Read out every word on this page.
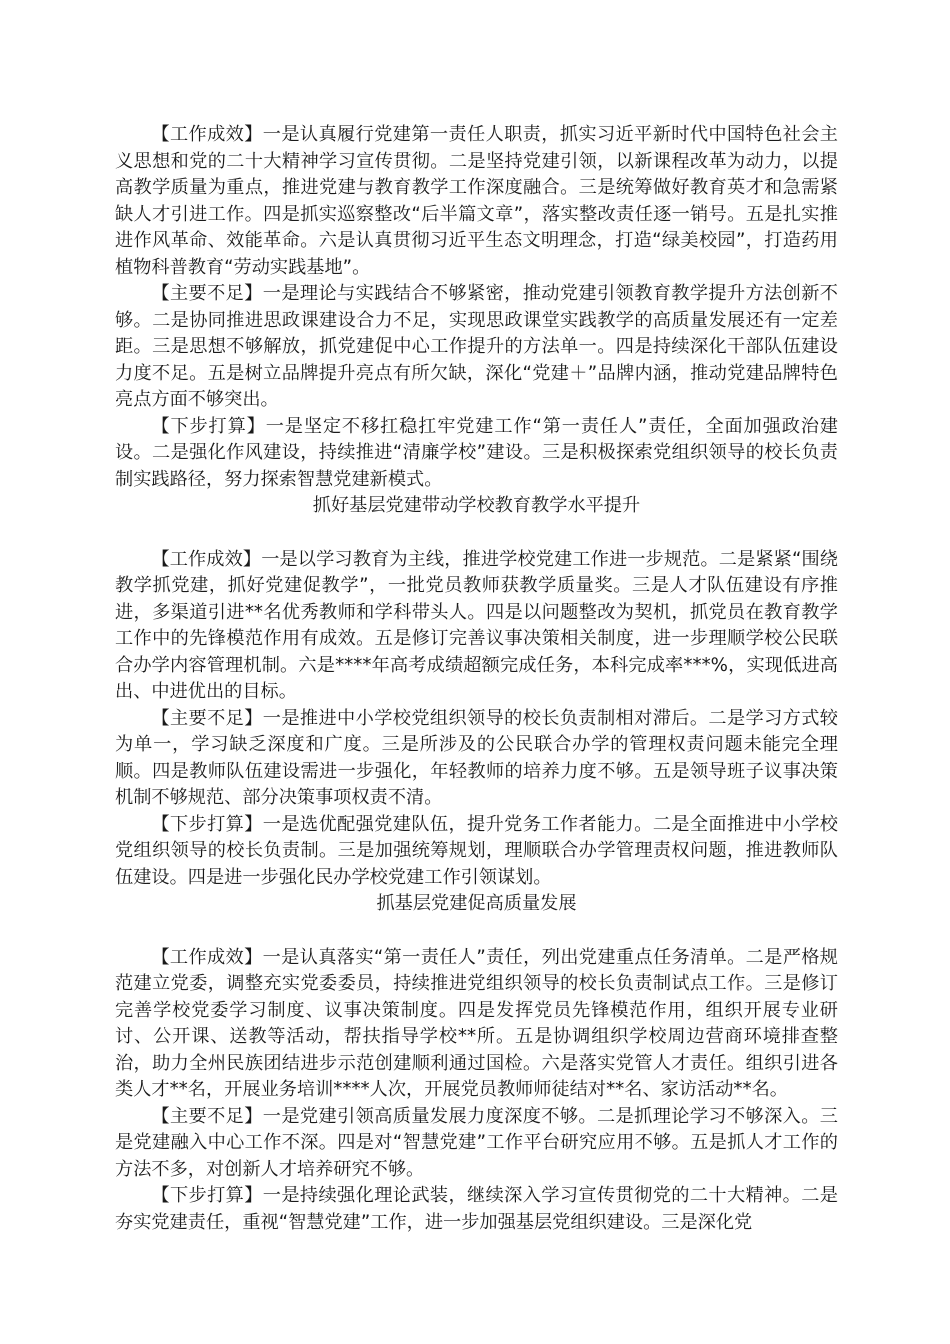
【工作成效】一是认真履行党建第一责任人职责，抓实习近平新时代中国特色社会主义思想和党的二十大精神学习宣传贯彻。二是坚持党建引领，以新课程改革为动力，以提高教学质量为重点，推进党建与教育教学工作深度融合。三是统筹做好教育英才和急需紧缺人才引进工作。四是抓实巡察整改“后半篇文章”，落实整改责任逐一销号。五是扎实推进作风革命、效能革命。六是认真贯彻习近平生态文明理念，打造“绿美校园”，打造药用植物科普教育“劳动实践基地”。

【主要不足】一是理论与实践结合不够紧密，推动党建引领教育教学提升方法创新不够。二是协同推进思政课建设合力不足，实现思政课堂实践教学的高质量发展还有一定差距。三是思想不够解放，抓党建促中心工作提升的方法单一。四是持续深化干部队伍建设力度不足。五是树立品牌提升亮点有所欠缺，深化“党建＋”品牌内涵，推动党建品牌特色亮点方面不够突出。

【下步打算】一是坚定不移扛稳扛牢党建工作“第一责任人”责任，全面加强政治建设。二是强化作风建设，持续推进“清廉学校”建设。三是积极探索党组织领导的校长负责制实践路径，努力探索智慧党建新模式。

抓好基层党建带动学校教育教学水平提升

【工作成效】一是以学习教育为主线，推进学校党建工作进一步规范。二是紧紧“围绕教学抓党建，抓好党建促教学”，一批党员教师获教学质量奖。三是人才队伍建设有序推进，多渠道引进**名优秀教师和学科带头人。四是以问题整改为契机，抓党员在教育教学工作中的先锋模范作用有成效。五是修订完善议事决策相关制度，进一步理顺学校公民联合办学内容管理机制。六是****年高考成绩超额完成任务，本科完成率***%，实现低进高出、中进优出的目标。

【主要不足】一是推进中小学校党组织领导的校长负责制相对滞后。二是学习方式较为单一，学习缺乏深度和广度。三是所涉及的公民联合办学的管理权责问题未能完全理顺。四是教师队伍建设需进一步强化，年轻教师的培养力度不够。五是领导班子议事决策机制不够规范、部分决策事项权责不清。

【下步打算】一是选优配强党建队伍，提升党务工作者能力。二是全面推进中小学校党组织领导的校长负责制。三是加强统筹规划，理顺联合办学管理责权问题，推进教师队伍建设。四是进一步强化民办学校党建工作引领谋划。

抓基层党建促高质量发展

【工作成效】一是认真落实“第一责任人”责任，列出党建重点任务清单。二是严格规范建立党委，调整充实党委委员，持续推进党组织领导的校长负责制试点工作。三是修订完善学校党委学习制度、议事决策制度。四是发挥党员先锋模范作用，组织开展专业研讨、公开课、送教等活动，帮扶指导学校**所。五是协调组织学校周边营商环境排查整治，助力全州民族团结进步示范创建顺利通过国检。六是落实党管人才责任。组织引进各类人才**名，开展业务培训****人次，开展党员教师师徒结对**名、家访活动**名。

【主要不足】一是党建引领高质量发展力度深度不够。二是抓理论学习不够深入。三是党建融入中心工作不深。四是对“智慧党建”工作平台研究应用不够。五是抓人才工作的方法不多，对创新人才培养研究不够。

【下步打算】一是持续强化理论武装，继续深入学习宣传贯彻党的二十大精神。二是夯实党建责任，重视“智慧党建”工作，进一步加强基层党组织建设。三是深化党
